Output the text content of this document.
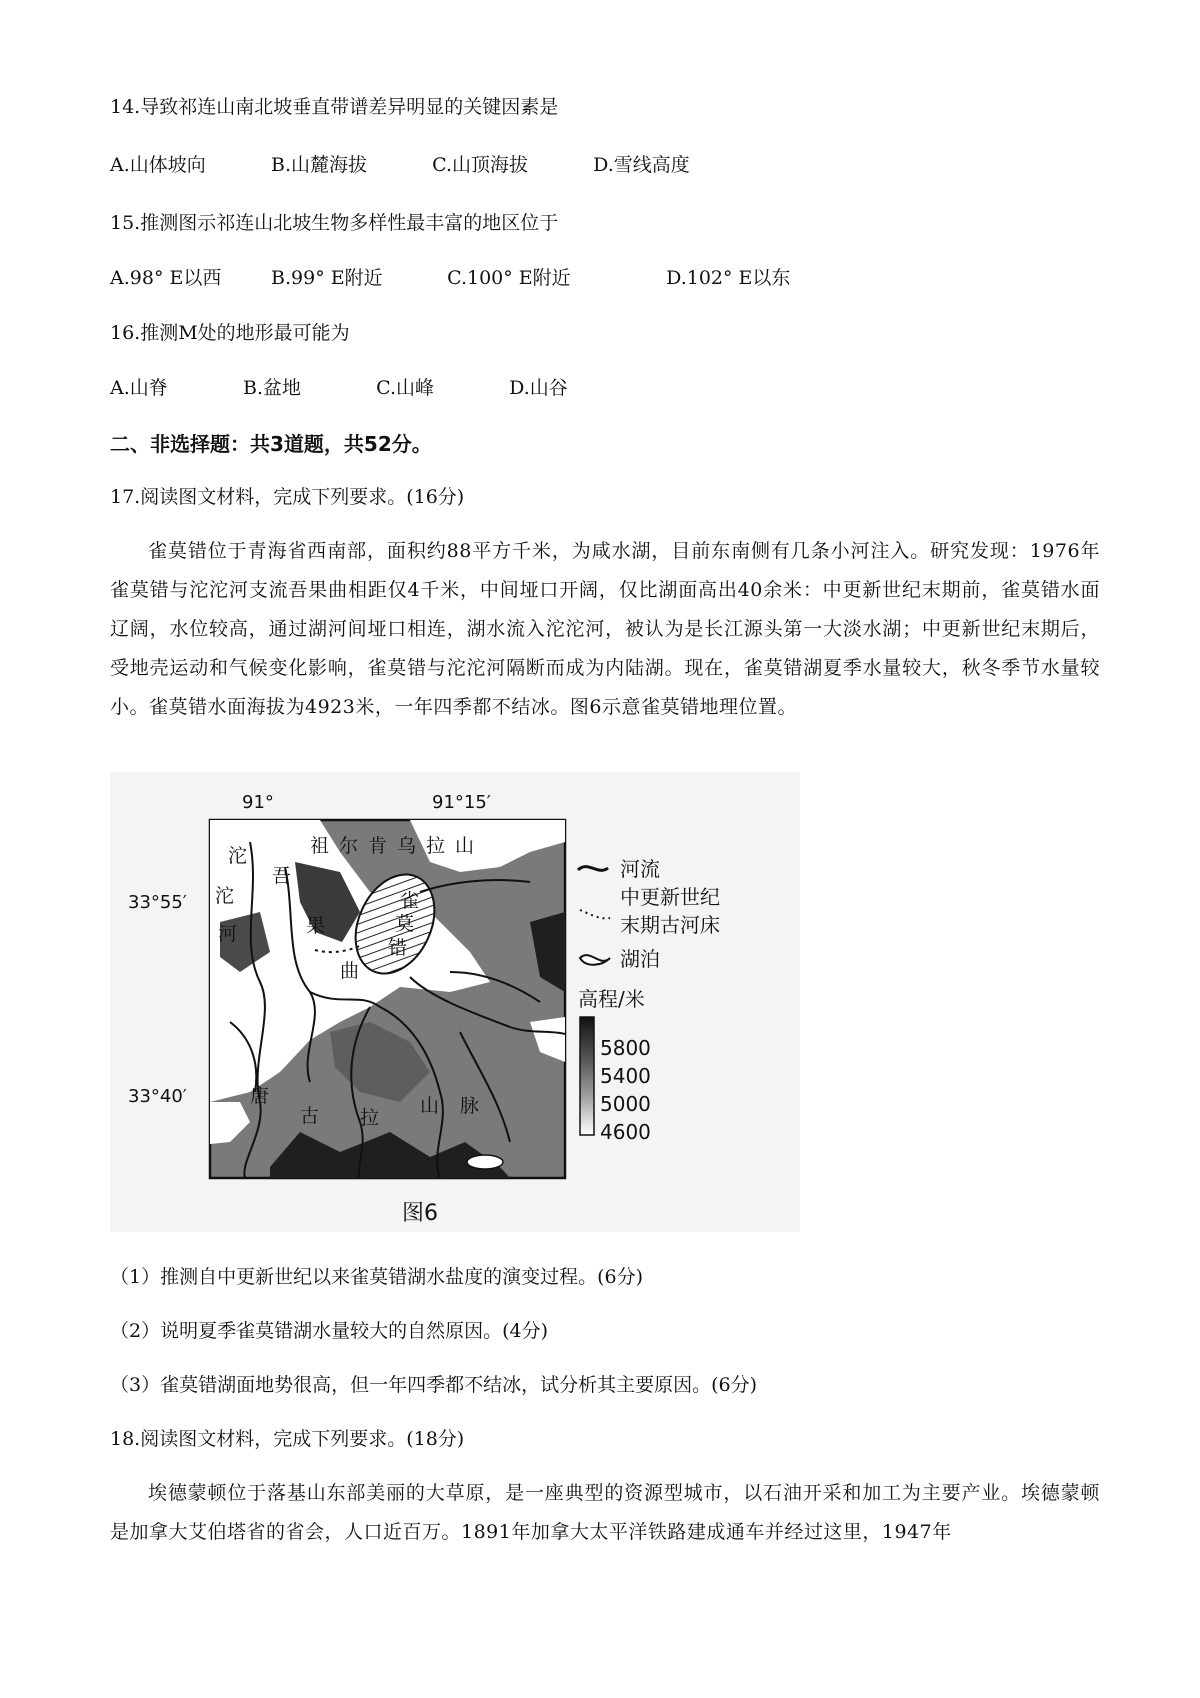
14.导致祁连山南北坡垂直带谱差异明显的关键因素是
A.山体坡向	B.山麓海拔	C.山顶海拔	D.雪线高度
15.推测图示祁连山北坡生物多样性最丰富的地区位于
A.98° E以西	B.99° E附近	C.100° E附近	D.102° E以东
16.推测M处的地形最可能为
A.山脊	B.盆地	C.山峰	D.山谷
二、非选择题：共3道题，共52分。
17.阅读图文材料，完成下列要求。(16分)
雀莫错位于青海省西南部，面积约88平方千米，为咸水湖，目前东南侧有几条小河注入。研究发现：1976年雀莫错与沱沱河支流吾果曲相距仅4千米，中间垭口开阔，仅比湖面高出40余米：中更新世纪末期前，雀莫错水面辽阔，水位较高，通过湖河间垭口相连，湖水流入沱沱河，被认为是长江源头第一大淡水湖；中更新世纪末期后，受地壳运动和气候变化影响，雀莫错与沱沱河隔断而成为内陆湖。现在，雀莫错湖夏季水量较大，秋冬季节水量较小。雀莫错水面海拔为4923米，一年四季都不结冰。图6示意雀莫错地理位置。
91°	91°15′
33°55′
33°40′
沱
沱
河
吾
果
曲
祖尔肯乌拉山
雀
莫
错
唐
古 拉
山 脉
河流
中更新世纪
末期古河床
湖泊
高程/米
5800
5400
5000
4600
图6
（1）推测自中更新世纪以来雀莫错湖水盐度的演变过程。(6分)
（2）说明夏季雀莫错湖水量较大的自然原因。(4分)
（3）雀莫错湖面地势很高，但一年四季都不结冰，试分析其主要原因。(6分)
18.阅读图文材料，完成下列要求。(18分)
埃德蒙顿位于落基山东部美丽的大草原，是一座典型的资源型城市，以石油开采和加工为主要产业。埃德蒙顿是加拿大艾伯塔省的省会，人口近百万。1891年加拿大太平洋铁路建成通车并经过这里，1947年
